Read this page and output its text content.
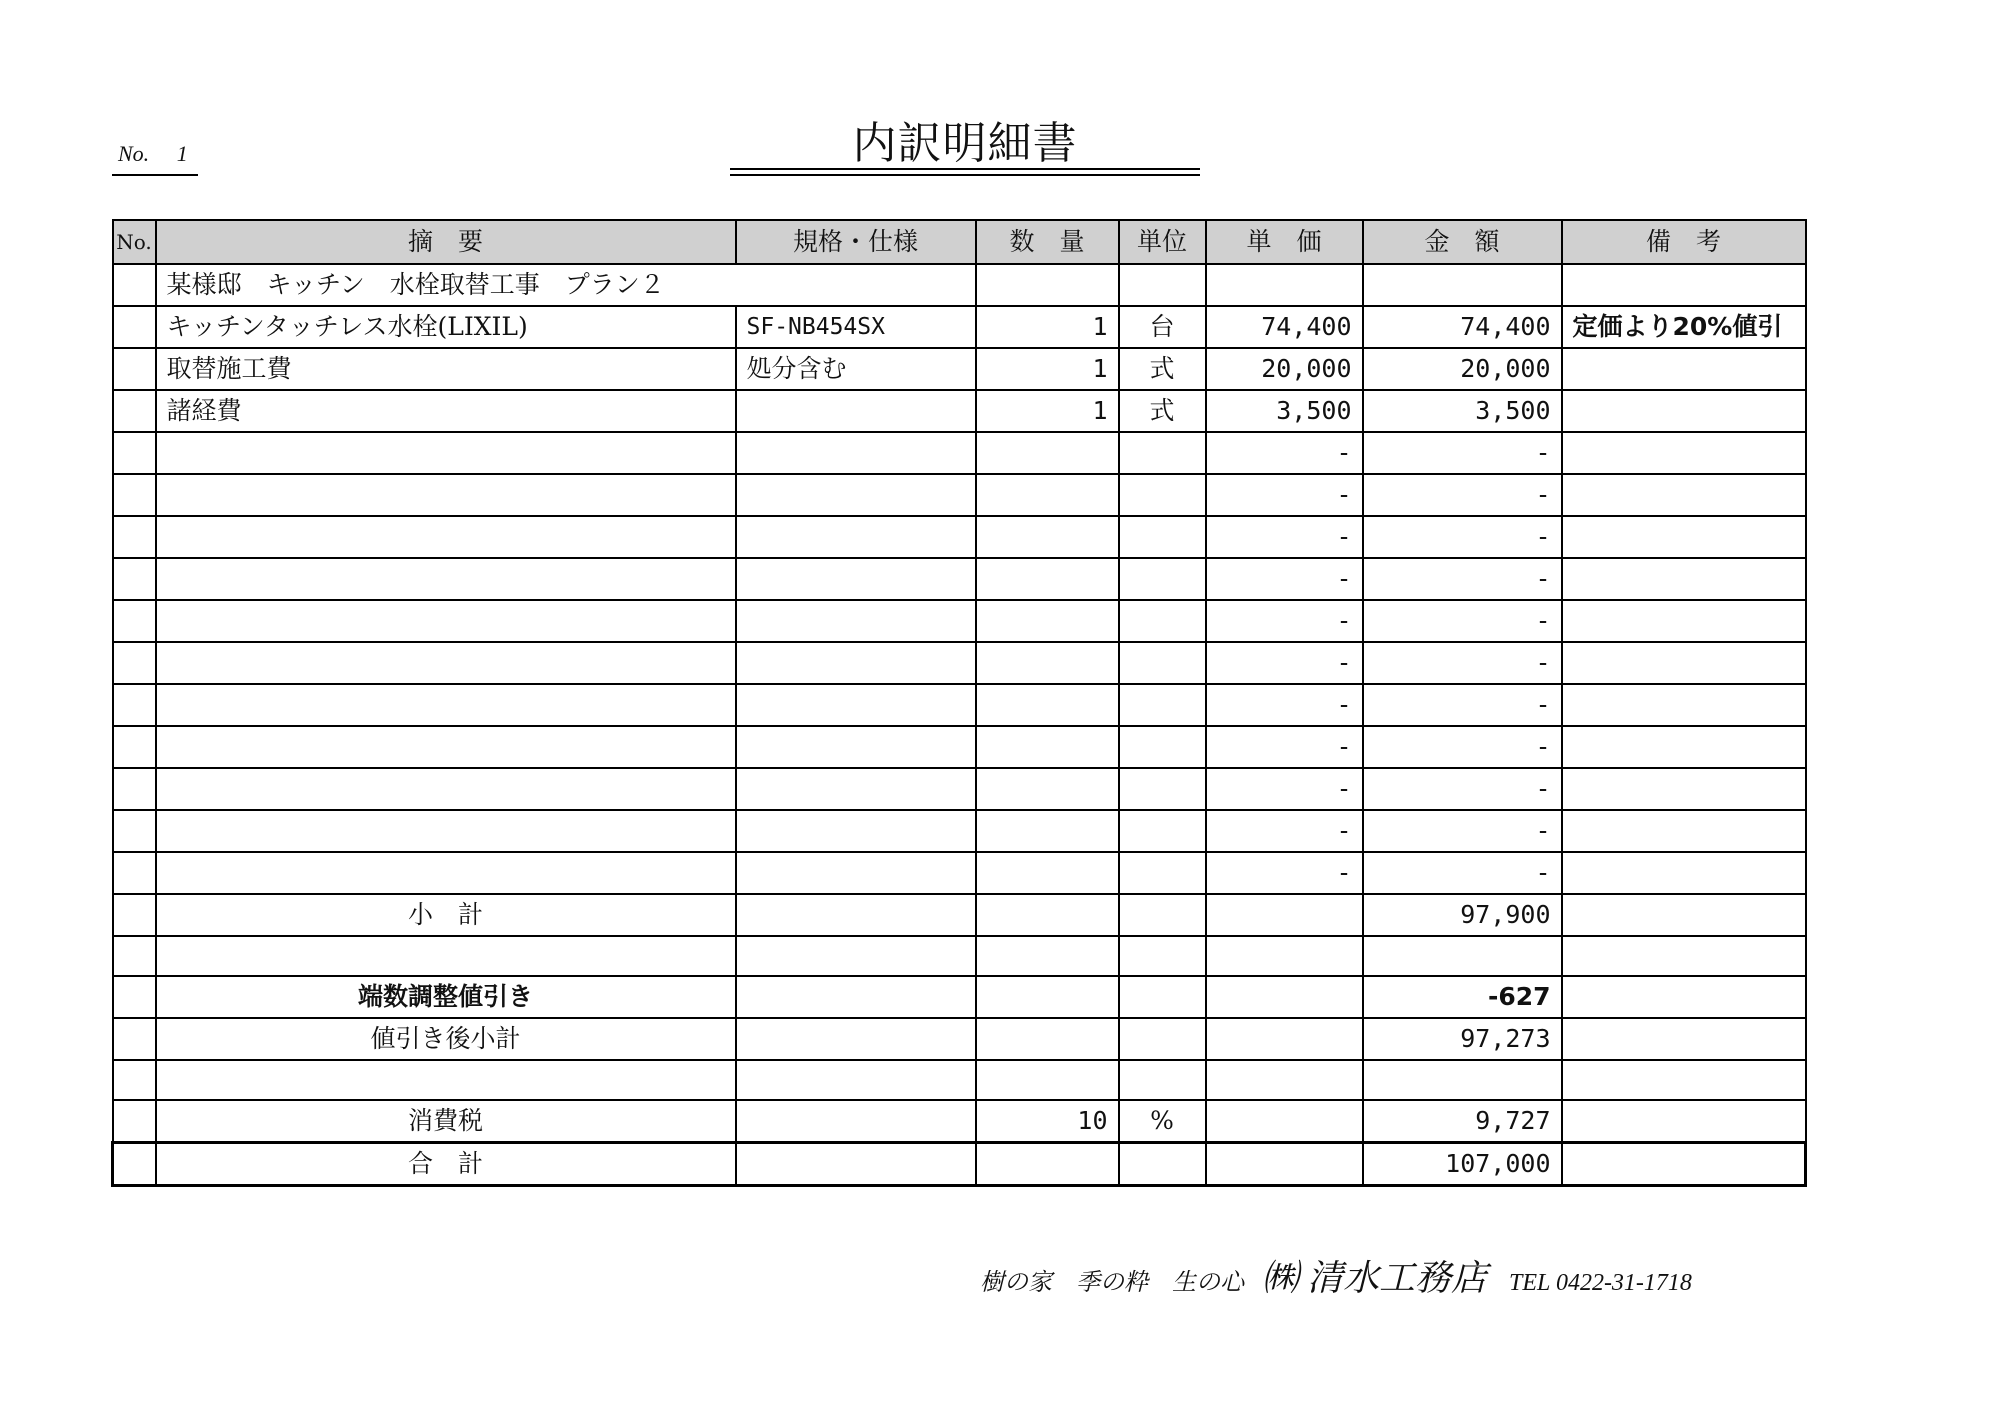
No. 1	内訳明細書
No.	摘　要	規格・仕様	数　量	単位	単　価	金　額	備　考
	某様邸　キッチン　水栓取替工事　プラン２						
	キッチンタッチレス水栓(LIXIL)	SF-NB454SX	1	台	74,400	74,400	定価より20%値引
	取替施工費	処分含む	1	式	20,000	20,000	
	諸経費		1	式	3,500	3,500	
					-	-	
					-	-	
					-	-	
					-	-	
					-	-	
					-	-	
					-	-	
					-	-	
					-	-	
					-	-	
					-	-	
	小　計					97,900	

	端数調整値引き					-627	
	値引き後小計					97,273	

	消費税		10	%		9,727	
	合　計					107,000	
樹の家　季の粋　生の心 ㈱ 清水工務店 TEL 0422-31-1718
